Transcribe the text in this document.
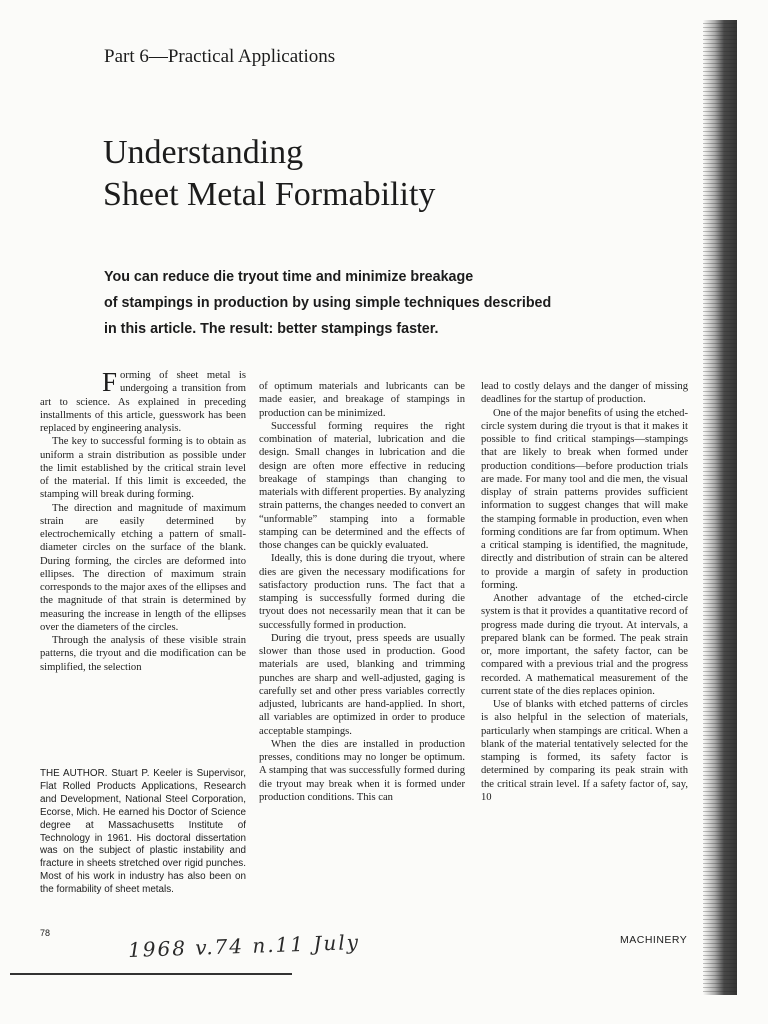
Part 6—Practical Applications
Understanding
Sheet Metal Formability
You can reduce die tryout time and minimize breakage
of stampings in production by using simple techniques described
in this article. The result: better stampings faster.

Forming of sheet metal is undergoing a transition from art to science. As explained in preceding installments of this article, guesswork has been replaced by engineering analysis.

The key to successful forming is to obtain as uniform a strain distribution as possible under the limit established by the critical strain level of the material. If this limit is exceeded, the stamping will break during forming.

The direction and magnitude of maximum strain are easily determined by electrochemically etching a pattern of small-diameter circles on the surface of the blank. During forming, the circles are deformed into ellipses. The direction of maximum strain corresponds to the major axes of the ellipses and the magnitude of that strain is determined by measuring the increase in length of the ellipses over the diameters of the circles.

Through the analysis of these visible strain patterns, die tryout and die modification can be simplified, the selection

THE AUTHOR. Stuart P. Keeler is Supervisor, Flat Rolled Products Applications, Research and Development, National Steel Corporation, Ecorse, Mich. He earned his Doctor of Science degree at Massachusetts Institute of Technology in 1961. His doctoral dissertation was on the subject of plastic instability and fracture in sheets stretched over rigid punches. Most of his work in industry has also been on the formability of sheet metals.

of optimum materials and lubricants can be made easier, and breakage of stampings in production can be minimized.

Successful forming requires the right combination of material, lubrication and die design. Small changes in lubrication and die design are often more effective in reducing breakage of stampings than changing to materials with different properties. By analyzing strain patterns, the changes needed to convert an “unformable” stamping into a formable stamping can be determined and the effects of those changes can be quickly evaluated.

Ideally, this is done during die tryout, where dies are given the necessary modifications for satisfactory production runs. The fact that a stamping is successfully formed during die tryout does not necessarily mean that it can be successfully formed in production.

During die tryout, press speeds are usually slower than those used in production. Good materials are used, blanking and trimming punches are sharp and well-adjusted, gaging is carefully set and other press variables correctly adjusted, lubricants are hand-applied. In short, all variables are optimized in order to produce acceptable stampings.

When the dies are installed in production presses, conditions may no longer be optimum. A stamping that was successfully formed during die tryout may break when it is formed under production conditions. This can

lead to costly delays and the danger of missing deadlines for the startup of production.

One of the major benefits of using the etched-circle system during die tryout is that it makes it possible to find critical stampings—stampings that are likely to break when formed under production conditions—before production trials are made. For many tool and die men, the visual display of strain patterns provides sufficient information to suggest changes that will make the stamping formable in production, even when forming conditions are far from optimum. When a critical stamping is identified, the magnitude, directly and distribution of strain can be altered to provide a margin of safety in production forming.

Another advantage of the etched-circle system is that it provides a quantitative record of progress made during die tryout. At intervals, a prepared blank can be formed. The peak strain or, more important, the safety factor, can be compared with a previous trial and the progress recorded. A mathematical measurement of the current state of the dies replaces opinion.

Use of blanks with etched patterns of circles is also helpful in the selection of materials, particularly when stampings are critical. When a blank of the material tentatively selected for the stamping is formed, its safety factor is determined by comparing its peak strain with the critical strain level. If a safety factor of, say, 10

78	1968 v.74 n.11 July	MACHINERY
